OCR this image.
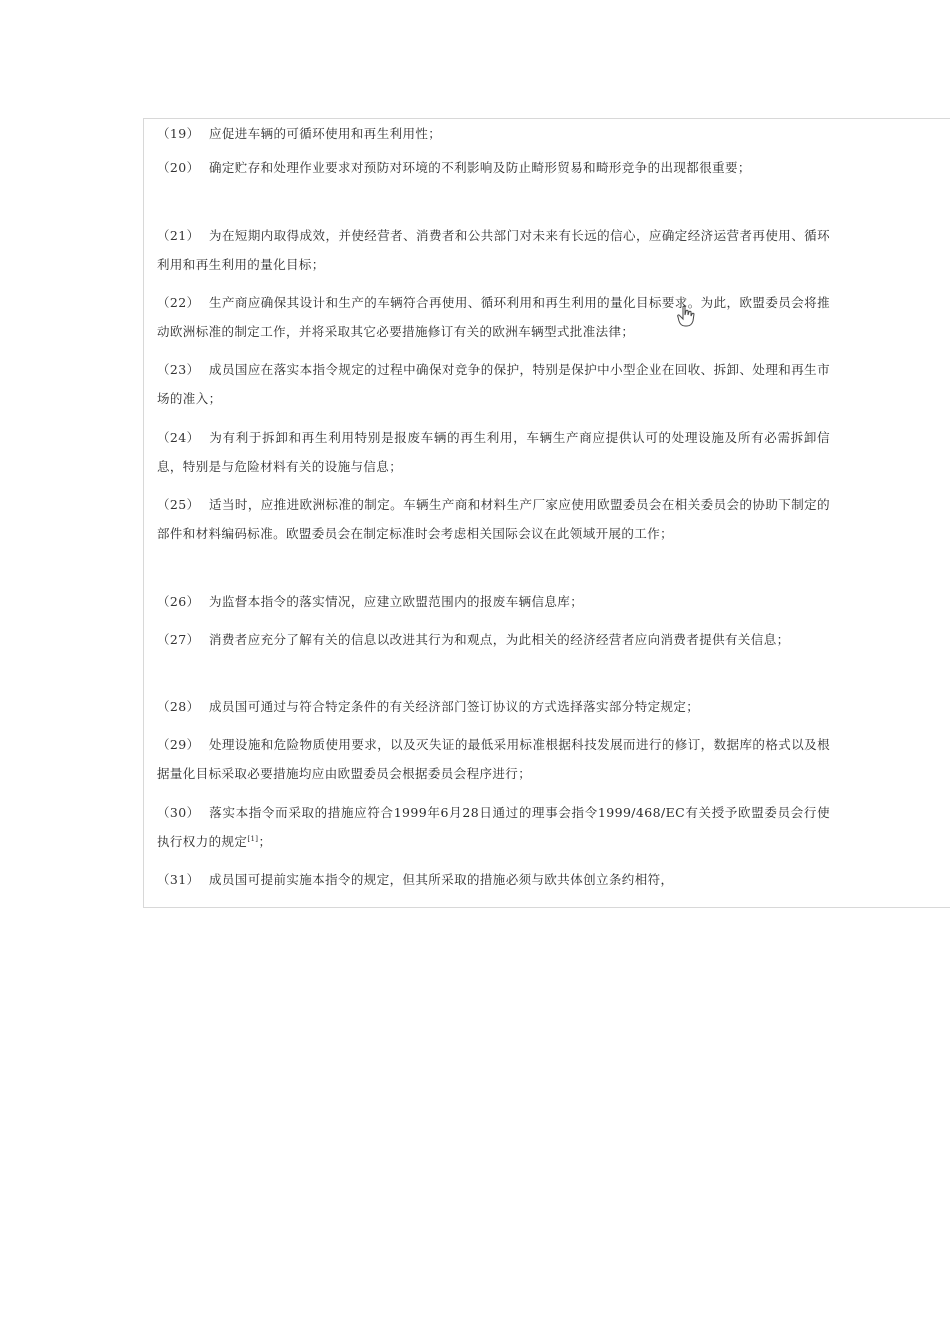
（19） 应促进车辆的可循环使用和再生利用性；

（20） 确定贮存和处理作业要求对预防对环境的不利影响及防止畸形贸易和畸形竞争的出现都很重要；

（21） 为在短期内取得成效，并使经营者、消费者和公共部门对未来有长远的信心，应确定经济运营者再使用、循环利用和再生利用的量化目标；

（22） 生产商应确保其设计和生产的车辆符合再使用、循环利用和再生利用的量化目标要求。为此，欧盟委员会将推动欧洲标准的制定工作，并将采取其它必要措施修订有关的欧洲车辆型式批准法律；

（23） 成员国应在落实本指令规定的过程中确保对竞争的保护，特别是保护中小型企业在回收、拆卸、处理和再生市场的准入；

（24） 为有利于拆卸和再生利用特别是报废车辆的再生利用，车辆生产商应提供认可的处理设施及所有必需拆卸信息，特别是与危险材料有关的设施与信息；

（25） 适当时，应推进欧洲标准的制定。车辆生产商和材料生产厂家应使用欧盟委员会在相关委员会的协助下制定的部件和材料编码标准。欧盟委员会在制定标准时会考虑相关国际会议在此领域开展的工作；

（26） 为监督本指令的落实情况，应建立欧盟范围内的报废车辆信息库；

（27） 消费者应充分了解有关的信息以改进其行为和观点，为此相关的经济经营者应向消费者提供有关信息；

（28） 成员国可通过与符合特定条件的有关经济部门签订协议的方式选择落实部分特定规定；

（29） 处理设施和危险物质使用要求，以及灭失证的最低采用标准根据科技发展而进行的修订，数据库的格式以及根据量化目标采取必要措施均应由欧盟委员会根据委员会程序进行；

（30） 落实本指令而采取的措施应符合1999年6月28日通过的理事会指令1999/468/EC有关授予欧盟委员会行使执行权力的规定[1]；

（31） 成员国可提前实施本指令的规定，但其所采取的措施必须与欧共体创立条约相符，
